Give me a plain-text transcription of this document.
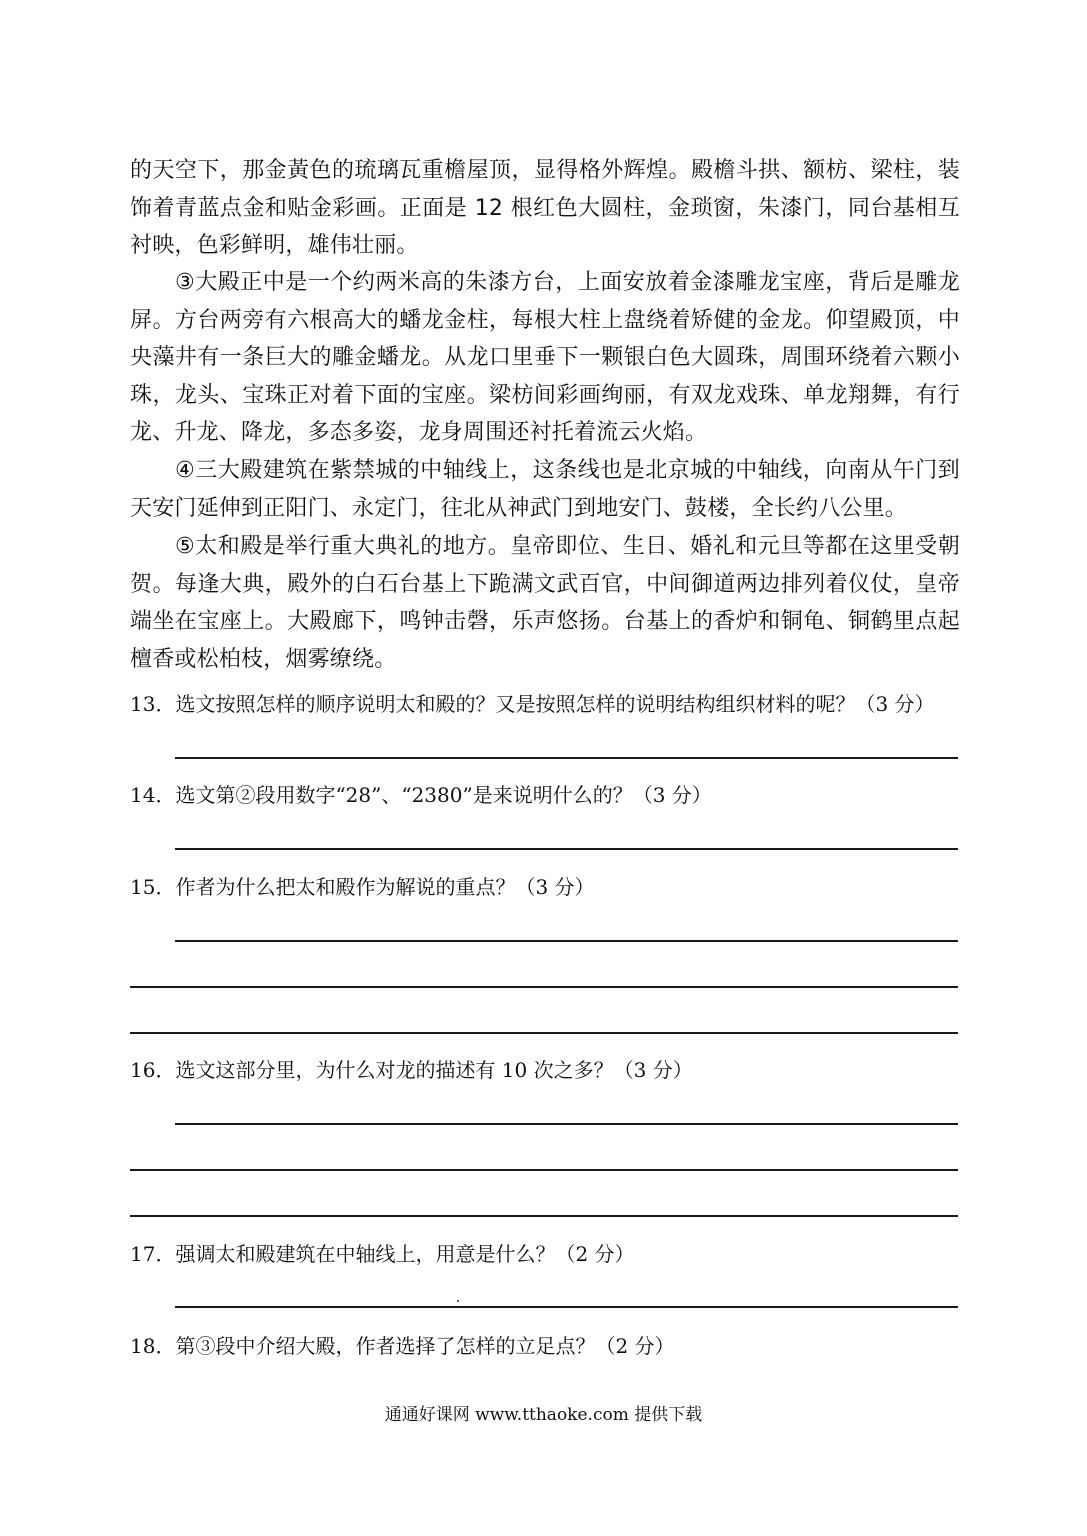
的天空下，那金黃色的琉璃瓦重檐屋顶，显得格外辉煌。殿檐斗拱、额枋、梁柱，装饰着青蓝点金和贴金彩画。正面是 12 根红色大圆柱，金琐窗，朱漆门，同台基相互衬映，色彩鲜明，雄伟壮丽。

③大殿正中是一个约两米高的朱漆方台，上面安放着金漆雕龙宝座，背后是雕龙屏。方台两旁有六根高大的蟠龙金柱，每根大柱上盘绕着矫健的金龙。仰望殿顶，中央藻井有一条巨大的雕金蟠龙。从龙口里垂下一颗银白色大圆珠，周围环绕着六颗小珠，龙头、宝珠正对着下面的宝座。梁枋间彩画绚丽，有双龙戏珠、单龙翔舞，有行龙、升龙、降龙，多态多姿，龙身周围还衬托着流云火焰。

④三大殿建筑在紫禁城的中轴线上，这条线也是北京城的中轴线，向南从午门到天安门延伸到正阳门、永定门，往北从神武门到地安门、鼓楼，全长约八公里。

⑤太和殿是举行重大典礼的地方。皇帝即位、生日、婚礼和元旦等都在这里受朝贺。每逢大典，殿外的白石台基上下跪满文武百官，中间御道两边排列着仪仗，皇帝端坐在宝座上。大殿廊下，鸣钟击磬，乐声悠扬。台基上的香炉和铜龟、铜鹤里点起檀香或松柏枝，烟雾缭绕。

13．选文按照怎样的顺序说明太和殿的？又是按照怎样的说明结构组织材料的呢？（3 分）

14．选文第②段用数字“28”、“2380”是来说明什么的？（3 分）

15．作者为什么把太和殿作为解说的重点？（3 分）

16．选文这部分里，为什么对龙的描述有 10 次之多？（3 分）

17．强调太和殿建筑在中轴线上，用意是什么？（2 分）

18．第③段中介绍大殿，作者选择了怎样的立足点？（2 分）

通通好课网 www.tthaoke.com 提供下载
